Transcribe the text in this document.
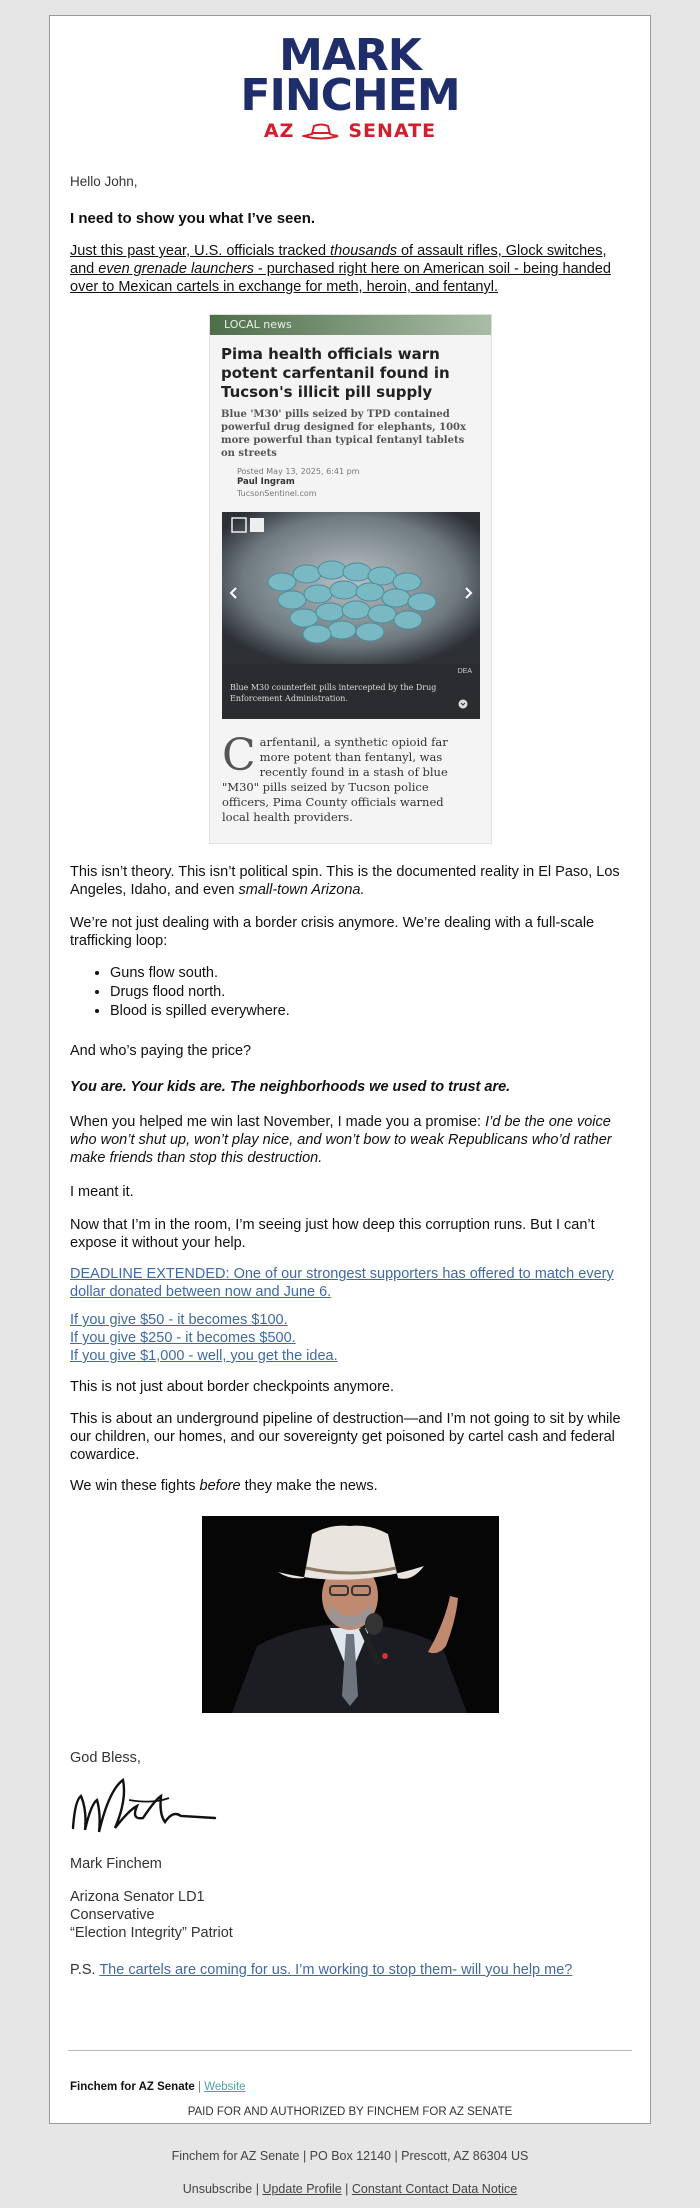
MARK
FINCHEM
AZ	SENATE

Hello John,

I need to show you what I’ve seen.

Just this past year, U.S. officials tracked thousands of assault rifles, Glock switches, and even grenade launchers - purchased right here on American soil - being handed over to Mexican cartels in exchange for meth, heroin, and fentanyl.

LOCAL news
Pima health officials warn potent carfentanil found in Tucson's illicit pill supply
Blue 'M30' pills seized by TPD contained powerful drug designed for elephants, 100x more powerful than typical fentanyl tablets on streets
Posted May 13, 2025, 6:41 pm
Paul Ingram
TucsonSentinel.com
Blue M30 counterfeit pills intercepted by the Drug Enforcement Administration.
DEA
Carfentanil, a synthetic opioid far more potent than fentanyl, was recently found in a stash of blue "M30" pills seized by Tucson police officers, Pima County officials warned local health providers.

This isn’t theory. This isn’t political spin. This is the documented reality in El Paso, Los Angeles, Idaho, and even small-town Arizona.

We’re not just dealing with a border crisis anymore. We’re dealing with a full-scale trafficking loop:

And who’s paying the price?

You are. Your kids are. The neighborhoods we used to trust are.

When you helped me win last November, I made you a promise: I’d be the one voice who won’t shut up, won’t play nice, and won’t bow to weak Republicans who’d rather make friends than stop this destruction.

I meant it.

Now that I’m in the room, I’m seeing just how deep this corruption runs. But I can’t expose it without your help.

DEADLINE EXTENDED: One of our strongest supporters has offered to match every dollar donated between now and June 6.

If you give $50 - it becomes $100.
If you give $250 - it becomes $500.
If you give $1,000 - well, you get the idea.

This is not just about border checkpoints anymore.

This is about an underground pipeline of destruction—and I’m not going to sit by while our children, our homes, and our sovereignty get poisoned by cartel cash and federal cowardice.

We win these fights before they make the news.

God Bless,

Mark Finchem

Arizona Senator LD1

Conservative

“Election Integrity” Patriot

P.S. The cartels are coming for us. I’m working to stop them- will you help me?

Finchem for AZ Senate | Website

PAID FOR AND AUTHORIZED BY FINCHEM FOR AZ SENATE

• Guns flow south.
• Drugs flood north.
• Blood is spilled everywhere.
Finchem for AZ Senate | PO Box 12140 | Prescott, AZ 86304 US
Unsubscribe | Update Profile | Constant Contact Data Notice
